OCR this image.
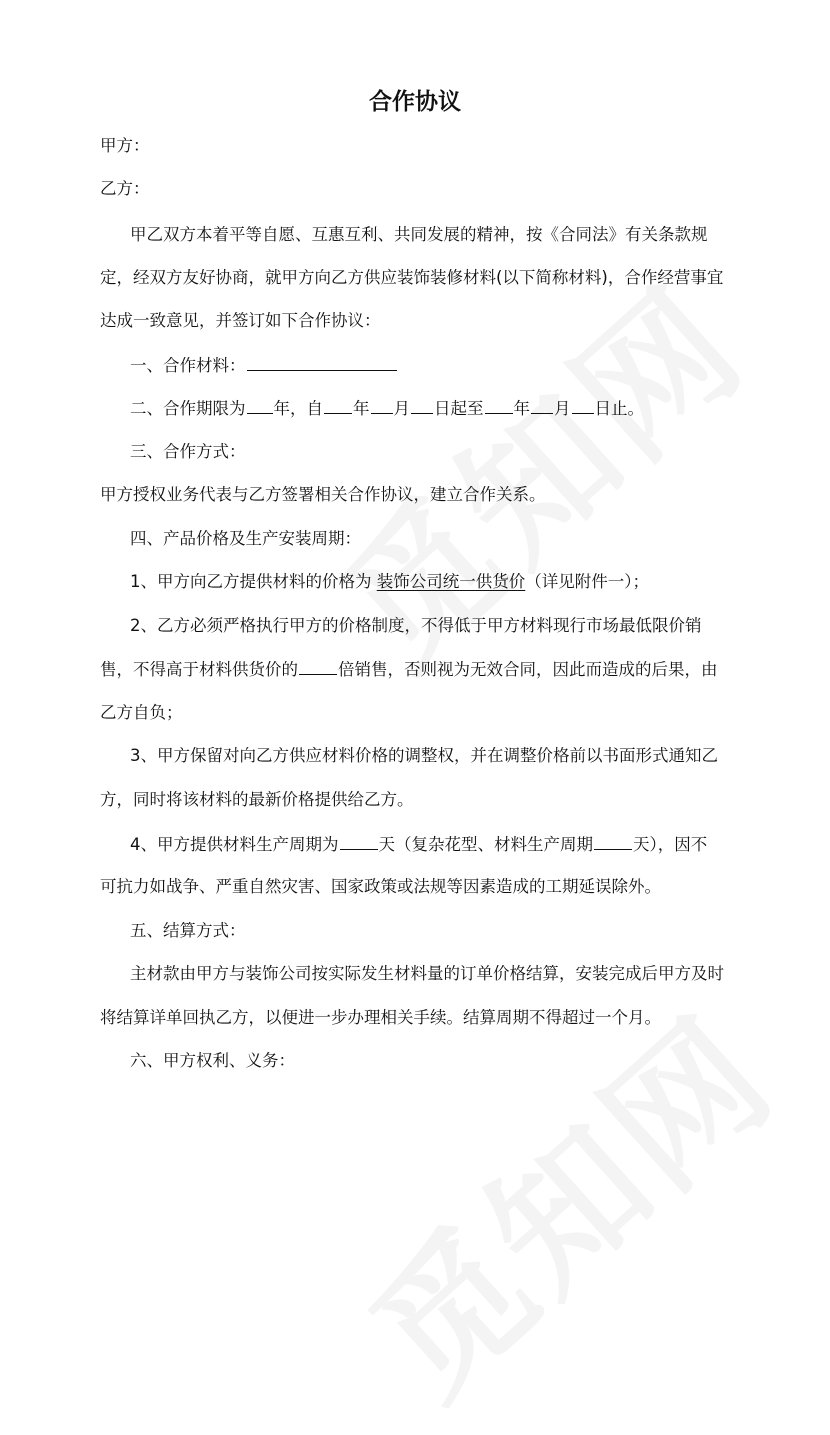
合作协议
甲方：
乙方：
甲乙双方本着平等自愿、互惠互利、共同发展的精神，按《合同法》有关条款规
定，经双方友好协商，就甲方向乙方供应装饰装修材料(以下简称材料)，合作经营事宜
达成一致意见，并签订如下合作协议：
一、合作材料：
二、合作期限为 年，自 年 月 日起至 年 月 日止。
三、合作方式：
甲方授权业务代表与乙方签署相关合作协议，建立合作关系。
四、产品价格及生产安装周期：
1、甲方向乙方提供材料的价格为 装饰公司统一供货价（详见附件一）；
2、乙方必须严格执行甲方的价格制度，不得低于甲方材料现行市场最低限价销
售，不得高于材料供货价的 倍销售，否则视为无效合同，因此而造成的后果，由
乙方自负；
3、甲方保留对向乙方供应材料价格的调整权，并在调整价格前以书面形式通知乙
方，同时将该材料的最新价格提供给乙方。
4、甲方提供材料生产周期为 天（复杂花型、材料生产周期 天），因不
可抗力如战争、严重自然灾害、国家政策或法规等因素造成的工期延误除外。
五、结算方式：
主材款由甲方与装饰公司按实际发生材料量的订单价格结算，安装完成后甲方及时
将结算详单回执乙方，以便进一步办理相关手续。结算周期不得超过一个月。
六、甲方权利、义务：
